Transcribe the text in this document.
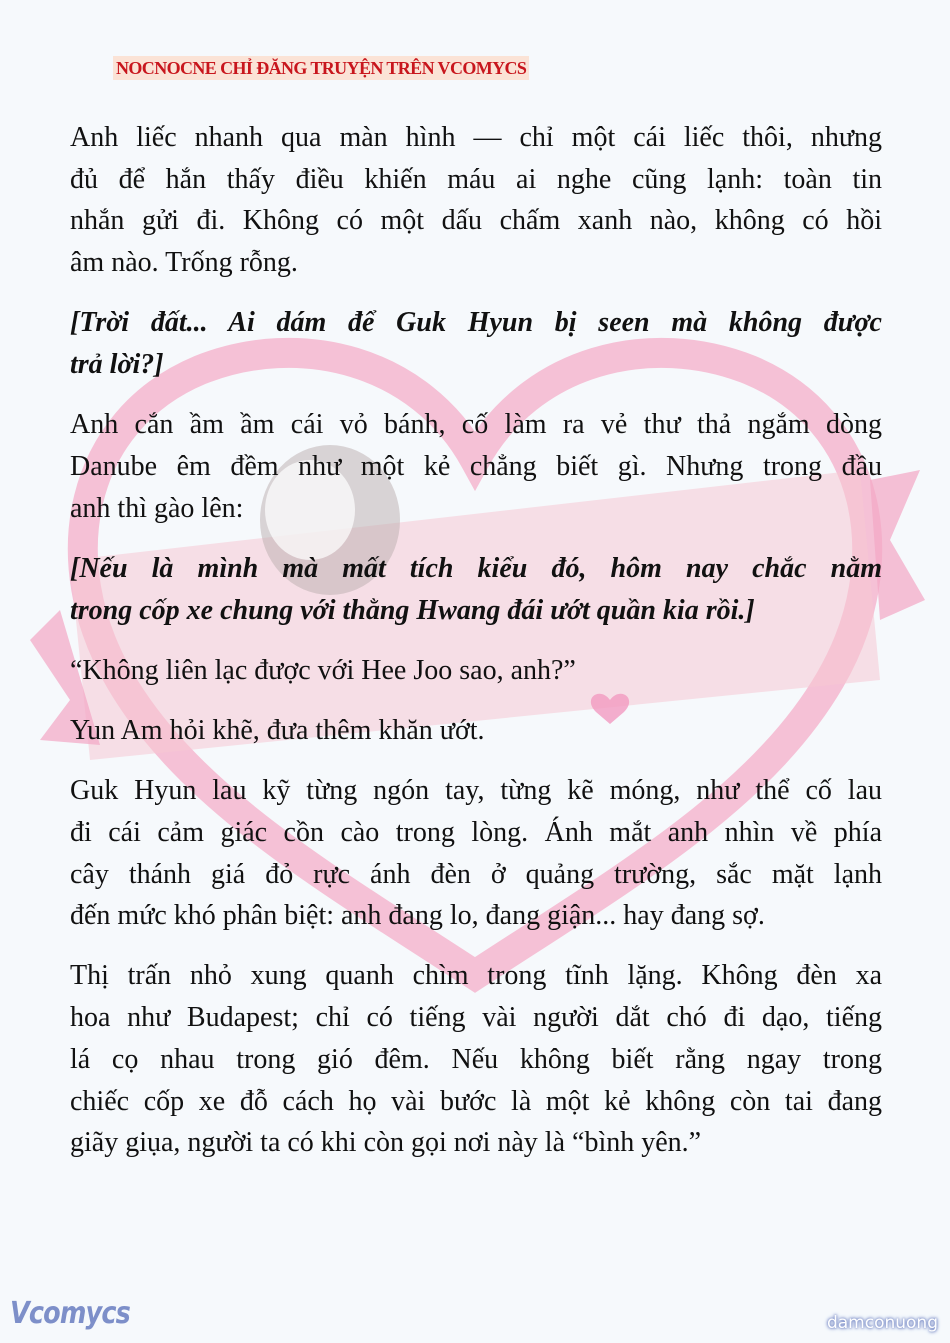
NOCNOCNE CHỈ ĐĂNG TRUYỆN TRÊN VCOMYCS
Anh liếc nhanh qua màn hình — chỉ một cái liếc thôi, nhưng
đủ để hắn thấy điều khiến máu ai nghe cũng lạnh: toàn tin
nhắn gửi đi. Không có một dấu chấm xanh nào, không có hồi
âm nào. Trống rỗng.
[Trời đất... Ai dám để Guk Hyun bị seen mà không được
trả lời?]
Anh cắn ầm ầm cái vỏ bánh, cố làm ra vẻ thư thả ngắm dòng
Danube êm đềm như một kẻ chẳng biết gì. Nhưng trong đầu
anh thì gào lên:
[Nếu là mình mà mất tích kiểu đó, hôm nay chắc nằm
trong cốp xe chung với thằng Hwang đái ướt quần kia rồi.]
“Không liên lạc được với Hee Joo sao, anh?”
Yun Am hỏi khẽ, đưa thêm khăn ướt.
Guk Hyun lau kỹ từng ngón tay, từng kẽ móng, như thể cố lau
đi cái cảm giác cồn cào trong lòng. Ánh mắt anh nhìn về phía
cây thánh giá đỏ rực ánh đèn ở quảng trường, sắc mặt lạnh
đến mức khó phân biệt: anh đang lo, đang giận... hay đang sợ.
Thị trấn nhỏ xung quanh chìm trong tĩnh lặng. Không đèn xa
hoa như Budapest; chỉ có tiếng vài người dắt chó đi dạo, tiếng
lá cọ nhau trong gió đêm. Nếu không biết rằng ngay trong
chiếc cốp xe đỗ cách họ vài bước là một kẻ không còn tai đang
giãy giụa, người ta có khi còn gọi nơi này là “bình yên.”
Vcomycs	damconuong
